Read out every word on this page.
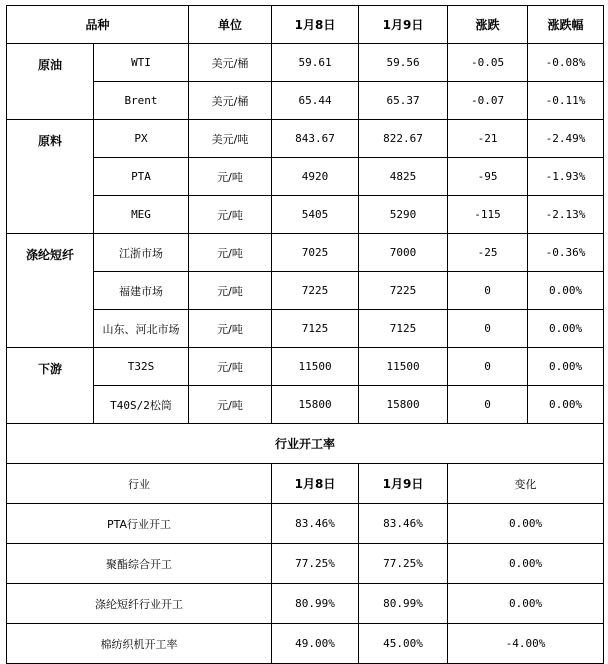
品种		单位	1月8日	1月9日	涨跌	涨跌幅
原油	WTI	美元/桶	59.61	59.56	-0.05	-0.08%
	Brent	美元/桶	65.44	65.37	-0.07	-0.11%
原料	PX	美元/吨	843.67	822.67	-21	-2.49%
	PTA	元/吨	4920	4825	-95	-1.93%
	MEG	元/吨	5405	5290	-115	-2.13%
涤纶短纤	江浙市场	元/吨	7025	7000	-25	-0.36%
	福建市场	元/吨	7225	7225	0	0.00%
	山东、河北市场	元/吨	7125	7125	0	0.00%
下游	T32S	元/吨	11500	11500	0	0.00%
	T40S/2松筒	元/吨	15800	15800	0	0.00%
行业开工率						
行业			1月8日	1月9日	变化	
PTA行业开工			83.46%	83.46%	0.00%	
聚酯综合开工			77.25%	77.25%	0.00%	
涤纶短纤行业开工			80.99%	80.99%	0.00%	
棉纺织机开工率			49.00%	45.00%	-4.00%	
